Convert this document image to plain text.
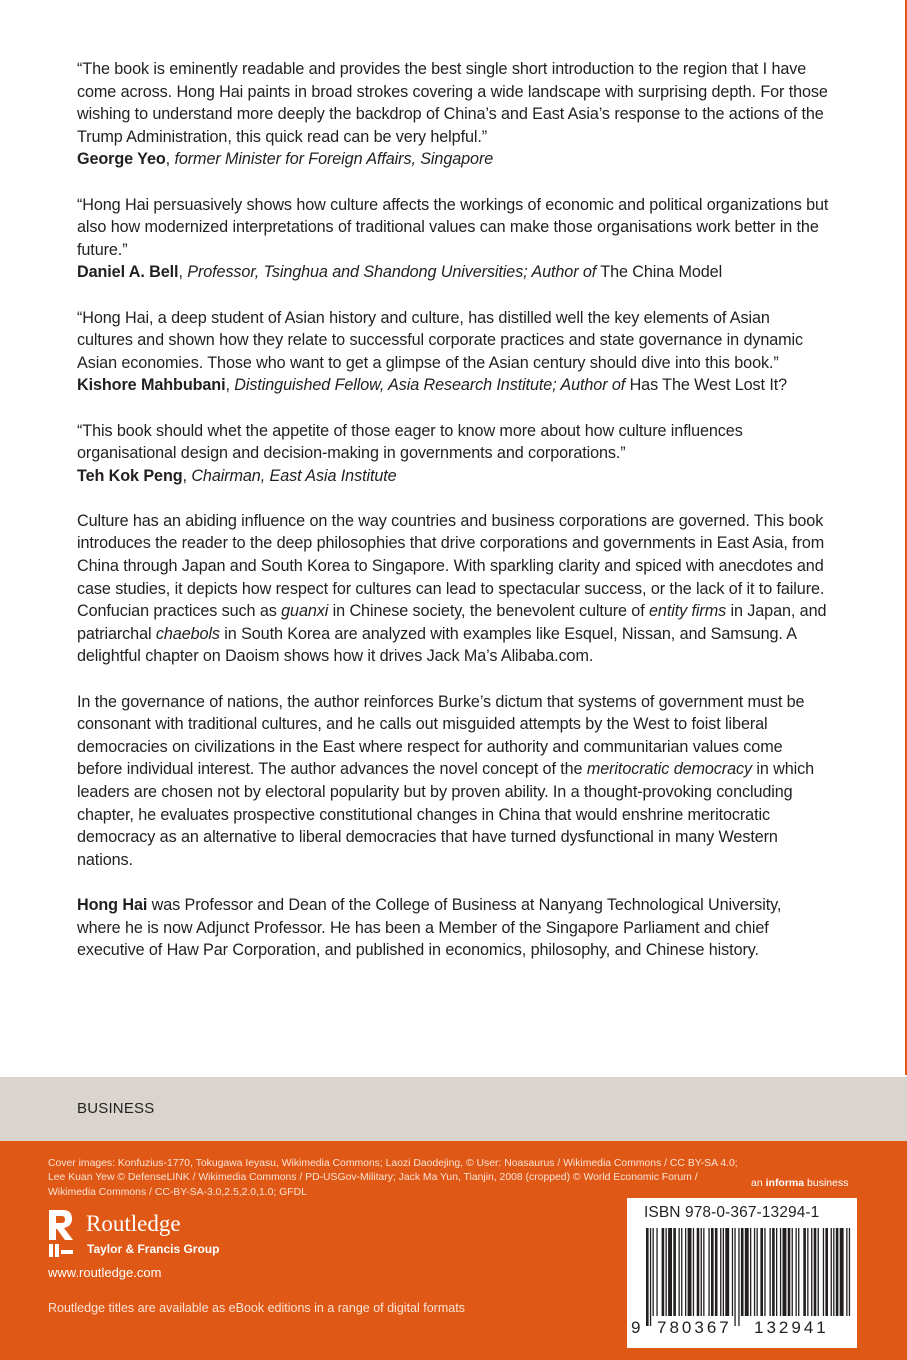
“The book is eminently readable and provides the best single short introduction to the region that I have come across. Hong Hai paints in broad strokes covering a wide landscape with surprising depth. For those wishing to understand more deeply the backdrop of China’s and East Asia’s response to the actions of the Trump Administration, this quick read can be very helpful.”
George Yeo, former Minister for Foreign Affairs, Singapore
“Hong Hai persuasively shows how culture affects the workings of economic and political organizations but also how modernized interpretations of traditional values can make those organisations work better in the future.”
Daniel A. Bell, Professor, Tsinghua and Shandong Universities; Author of The China Model
“Hong Hai, a deep student of Asian history and culture, has distilled well the key elements of Asian cultures and shown how they relate to successful corporate practices and state governance in dynamic Asian economies. Those who want to get a glimpse of the Asian century should dive into this book.”
Kishore Mahbubani, Distinguished Fellow, Asia Research Institute; Author of Has The West Lost It?
“This book should whet the appetite of those eager to know more about how culture influences organisational design and decision-making in governments and corporations.”
Teh Kok Peng, Chairman, East Asia Institute

Culture has an abiding influence on the way countries and business corporations are governed. This book introduces the reader to the deep philosophies that drive corporations and governments in East Asia, from China through Japan and South Korea to Singapore. With sparkling clarity and spiced with anecdotes and case studies, it depicts how respect for cultures can lead to spectacular success, or the lack of it to failure. Confucian practices such as guanxi in Chinese society, the benevolent culture of entity firms in Japan, and patriarchal chaebols in South Korea are analyzed with examples like Esquel, Nissan, and Samsung. A delightful chapter on Daoism shows how it drives Jack Ma’s Alibaba.com.

In the governance of nations, the author reinforces Burke’s dictum that systems of government must be consonant with traditional cultures, and he calls out misguided attempts by the West to foist liberal democracies on civilizations in the East where respect for authority and communitarian values come before individual interest. The author advances the novel concept of the meritocratic democracy in which leaders are chosen not by electoral popularity but by proven ability. In a thought-provoking concluding chapter, he evaluates prospective constitutional changes in China that would enshrine meritocratic democracy as an alternative to liberal democracies that have turned dysfunctional in many Western nations.

Hong Hai was Professor and Dean of the College of Business at Nanyang Technological University, where he is now Adjunct Professor. He has been a Member of the Singapore Parliament and chief executive of Haw Par Corporation, and published in economics, philosophy, and Chinese history.

BUSINESS
Cover images: Konfuzius-1770, Tokugawa Ieyasu, Wikimedia Commons; Laozi Daodejing, © User: Noasaurus / Wikimedia Commons / CC BY-SA 4.0; Lee Kuan Yew © DefenseLINK / Wikimedia Commons / PD-USGov-Military; Jack Ma Yun, Tianjin, 2008 (cropped) © World Economic Forum / Wikimedia Commons / CC-BY-SA-3.0,2.5,2.0,1.0; GFDL
an informa business
Routledge
Taylor & Francis Group
www.routledge.com
Routledge titles are available as eBook editions in a range of digital formats
ISBN 978-0-367-13294-1
9 780367 132941
